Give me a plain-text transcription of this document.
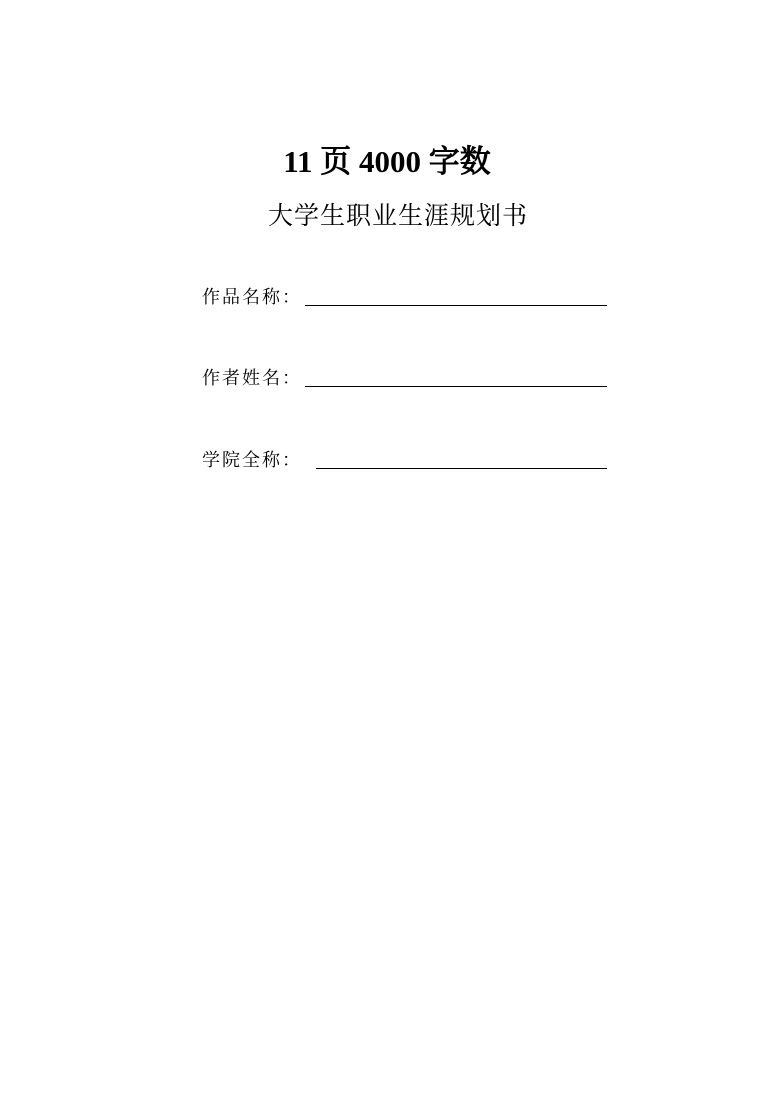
11 页 4000 字数
大学生职业生涯规划书
作品名称：
作者姓名：
学院全称：
